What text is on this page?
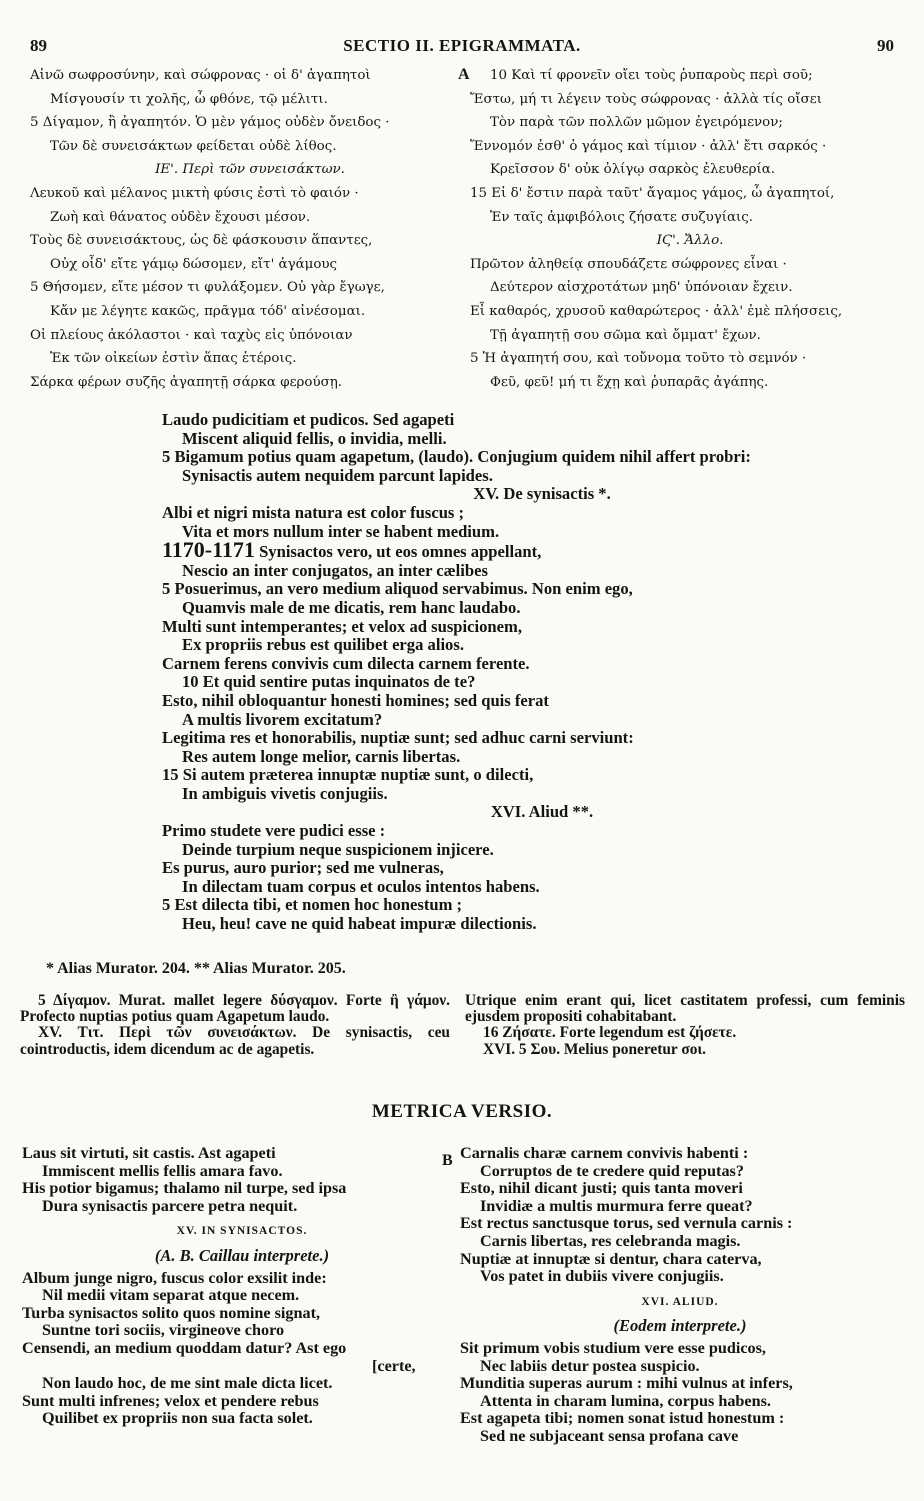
89	SECTIO II. EPIGRAMMATA.	90
Αἰνῶ σωφροσύνην, καὶ σώφρονας · οἱ δ' ἀγαπητοὶ
Μίσγουσίν τι χολῆς, ὦ φθόνε, τῷ μέλιτι.
5 Δίγαμον, ἢ ἀγαπητόν. Ὁ μὲν γάμος οὐδὲν ὄνειδος ·
Τῶν δὲ συνεισάκτων φείδεται οὐδὲ λίθος.
ΙΕ'. Περὶ τῶν συνεισάκτων.
Λευκοῦ καὶ μέλανος μικτὴ φύσις ἐστὶ τὸ φαιόν ·
Ζωὴ καὶ θάνατος οὐδὲν ἔχουσι μέσον.
Τοὺς δὲ συνεισάκτους, ὡς δὲ φάσκουσιν ἅπαντες,
Οὐχ οἶδ' εἴτε γάμῳ δώσομεν, εἴτ' ἀγάμους
5 Θήσομεν, εἴτε μέσον τι φυλάξομεν. Οὐ γὰρ ἔγωγε,
Κἄν με λέγητε κακῶς, πρᾶγμα τόδ' αἰνέσομαι.
Οἱ πλείους ἀκόλαστοι · καὶ ταχὺς εἰς ὑπόνοιαν
Ἐκ τῶν οἰκείων ἐστὶν ἅπας ἑτέροις.
Σάρκα φέρων συζῆς ἀγαπητῇ σάρκα φερούσῃ.
A	10 Καὶ τί φρονεῖν οἴει τοὺς ῥυπαροὺς περὶ σοῦ;
Ἔστω, μή τι λέγειν τοὺς σώφρονας · ἀλλὰ τίς οἴσει
Τὸν παρὰ τῶν πολλῶν μῶμον ἐγειρόμενον;
Ἔννομόν ἐσθ' ὁ γάμος καὶ τίμιον · ἀλλ' ἔτι σαρκός ·
Κρεῖσσον δ' οὐκ ὀλίγῳ σαρκὸς ἐλευθερία.
15 Εἰ δ' ἔστιν παρὰ ταῦτ' ἄγαμος γάμος, ὦ ἀγαπητοί,
Ἐν ταῖς ἀμφιβόλοις ζήσατε συζυγίαις.
ΙϚ'. Ἄλλο.
Πρῶτον ἀληθείᾳ σπουδάζετε σώφρονες εἶναι ·
Δεύτερον αἰσχροτάτων μηδ' ὑπόνοιαν ἔχειν.
Εἶ καθαρός, χρυσοῦ καθαρώτερος · ἀλλ' ἐμὲ πλήσσεις,
Τῇ ἀγαπητῇ σου σῶμα καὶ ὄμματ' ἔχων.
5 Ἡ ἀγαπητή σου, καὶ τοὔνομα τοῦτο τὸ σεμνόν ·
Φεῦ, φεῦ! μή τι ἔχῃ καὶ ῥυπαρᾶς ἀγάπης.
Laudo pudicitiam et pudicos. Sed agapeti
Miscent aliquid fellis, o invidia, melli.
5 Bigamum potius quam agapetum, (laudo). Conjugium quidem nihil affert probri:
Synisactis autem nequidem parcunt lapides.
XV. De synisactis *.
Albi et nigri mista natura est color fuscus ;
Vita et mors nullum inter se habent medium.
1170-1171 Synisactos vero, ut eos omnes appellant,
Nescio an inter conjugatos, an inter cælibes
5 Posuerimus, an vero medium aliquod servabimus. Non enim ego,
Quamvis male de me dicatis, rem hanc laudabo.
Multi sunt intemperantes; et velox ad suspicionem,
Ex propriis rebus est quilibet erga alios.
Carnem ferens convivis cum dilecta carnem ferente.
10 Et quid sentire putas inquinatos de te?
Esto, nihil obloquantur honesti homines; sed quis ferat
A multis livorem excitatum?
Legitima res et honorabilis, nuptiæ sunt; sed adhuc carni serviunt:
Res autem longe melior, carnis libertas.
15 Si autem præterea innuptæ nuptiæ sunt, o dilecti,
In ambiguis vivetis conjugiis.
XVI. Aliud **.
Primo studete vere pudici esse :
Deinde turpium neque suspicionem injicere.
Es purus, auro purior; sed me vulneras,
In dilectam tuam corpus et oculos intentos habens.
5 Est dilecta tibi, et nomen hoc honestum ;
Heu, heu! cave ne quid habeat impuræ dilectionis.
* Alias Murator. 204. ** Alias Murator. 205.
5 Δίγαμον. Murat. mallet legere δύσγαμον. Forte ἢ γάμον. Profecto nuptias potius quam Agapetum laudo.
XV. Tιτ. Περὶ τῶν συνεισάκτων. De synisactis, ceu cointroductis, idem dicendum ac de agapetis.
Utrique enim erant qui, licet castitatem professi, cum feminis ejusdem propositi cohabitabant.
16 Ζήσατε. Forte legendum est ζήσετε.
XVI. 5 Σου. Melius poneretur σοι.
METRICA VERSIO.
Laus sit virtuti, sit castis. Ast agapeti
Immiscent mellis fellis amara favo.
His potior bigamus; thalamo nil turpe, sed ipsa
Dura synisactis parcere petra nequit.
XV. IN SYNISACTOS.
(A. B. Caillau interprete.)
Album junge nigro, fuscus color exsilit inde:
Nil medii vitam separat atque necem.
Turba synisactos solito quos nomine signat,
Suntne tori sociis, virgineove choro
Censendi, an medium quoddam datur? Ast ego
[certe,
Non laudo hoc, de me sint male dicta licet.
Sunt multi infrenes; velox et pendere rebus
Quilibet ex propriis non sua facta solet.
B Carnalis charæ carnem convivis habenti :
Corruptos de te credere quid reputas?
Esto, nihil dicant justi; quis tanta moveri
Invidiæ a multis murmura ferre queat?
Est rectus sanctusque torus, sed vernula carnis :
Carnis libertas, res celebranda magis.
Nuptiæ at innuptæ si dentur, chara caterva,
Vos patet in dubiis vivere conjugiis.
XVI. ALIUD.
(Eodem interprete.)
Sit primum vobis studium vere esse pudicos,
Nec labiis detur postea suspicio.
Munditia superas aurum : mihi vulnus at infers,
Attenta in charam lumina, corpus habens.
Est agapeta tibi; nomen sonat istud honestum :
Sed ne subjaceant sensa profana cave
